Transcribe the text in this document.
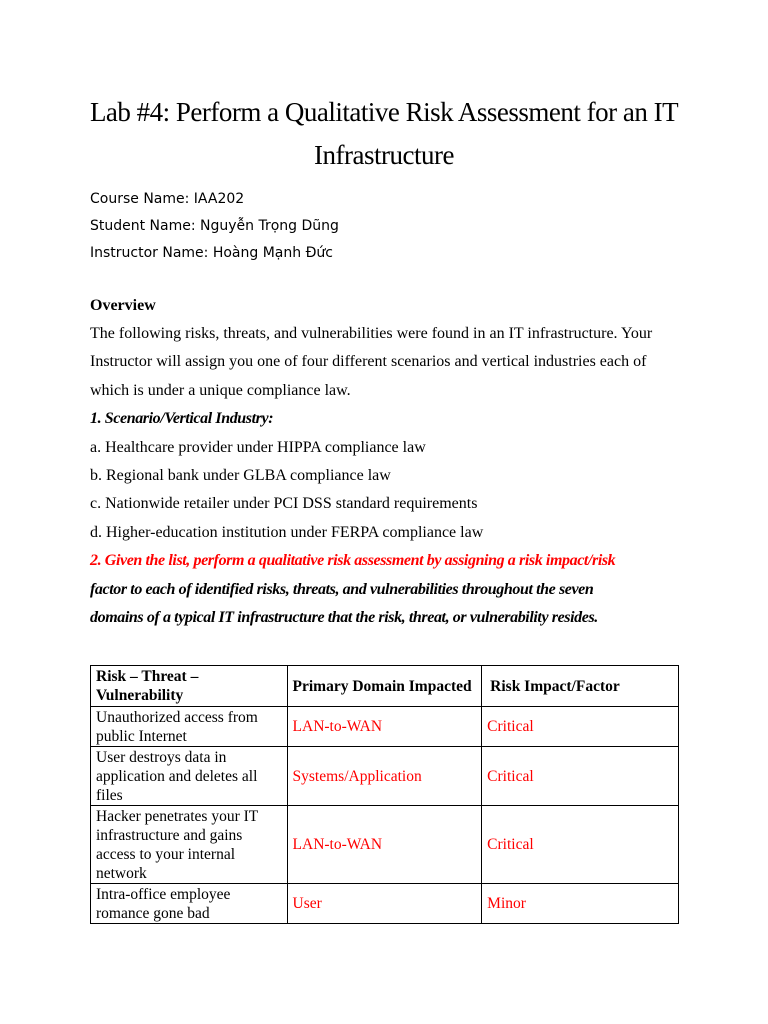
Lab #4: Perform a Qualitative Risk Assessment for an IT
Infrastructure
Course Name: IAA202
Student Name: Nguyễn Trọng Dũng
Instructor Name: Hoàng Mạnh Đức
Overview
The following risks, threats, and vulnerabilities were found in an IT infrastructure. Your
Instructor will assign you one of four different scenarios and vertical industries each of
which is under a unique compliance law.
1. Scenario/Vertical Industry:
a. Healthcare provider under HIPPA compliance law
b. Regional bank under GLBA compliance law
c. Nationwide retailer under PCI DSS standard requirements
d. Higher-education institution under FERPA compliance law
2. Given the list, perform a qualitative risk assessment by assigning a risk impact/risk
factor to each of identified risks, threats, and vulnerabilities throughout the seven
domains of a typical IT infrastructure that the risk, threat, or vulnerability resides.
Risk – Threat – Vulnerability	Primary Domain Impacted	Risk Impact/Factor
Unauthorized access from public Internet	LAN-to-WAN	Critical
User destroys data in application and deletes all files	Systems/Application	Critical
Hacker penetrates your IT infrastructure and gains access to your internal network	LAN-to-WAN	Critical
Intra-office employee romance gone bad	User	Minor
